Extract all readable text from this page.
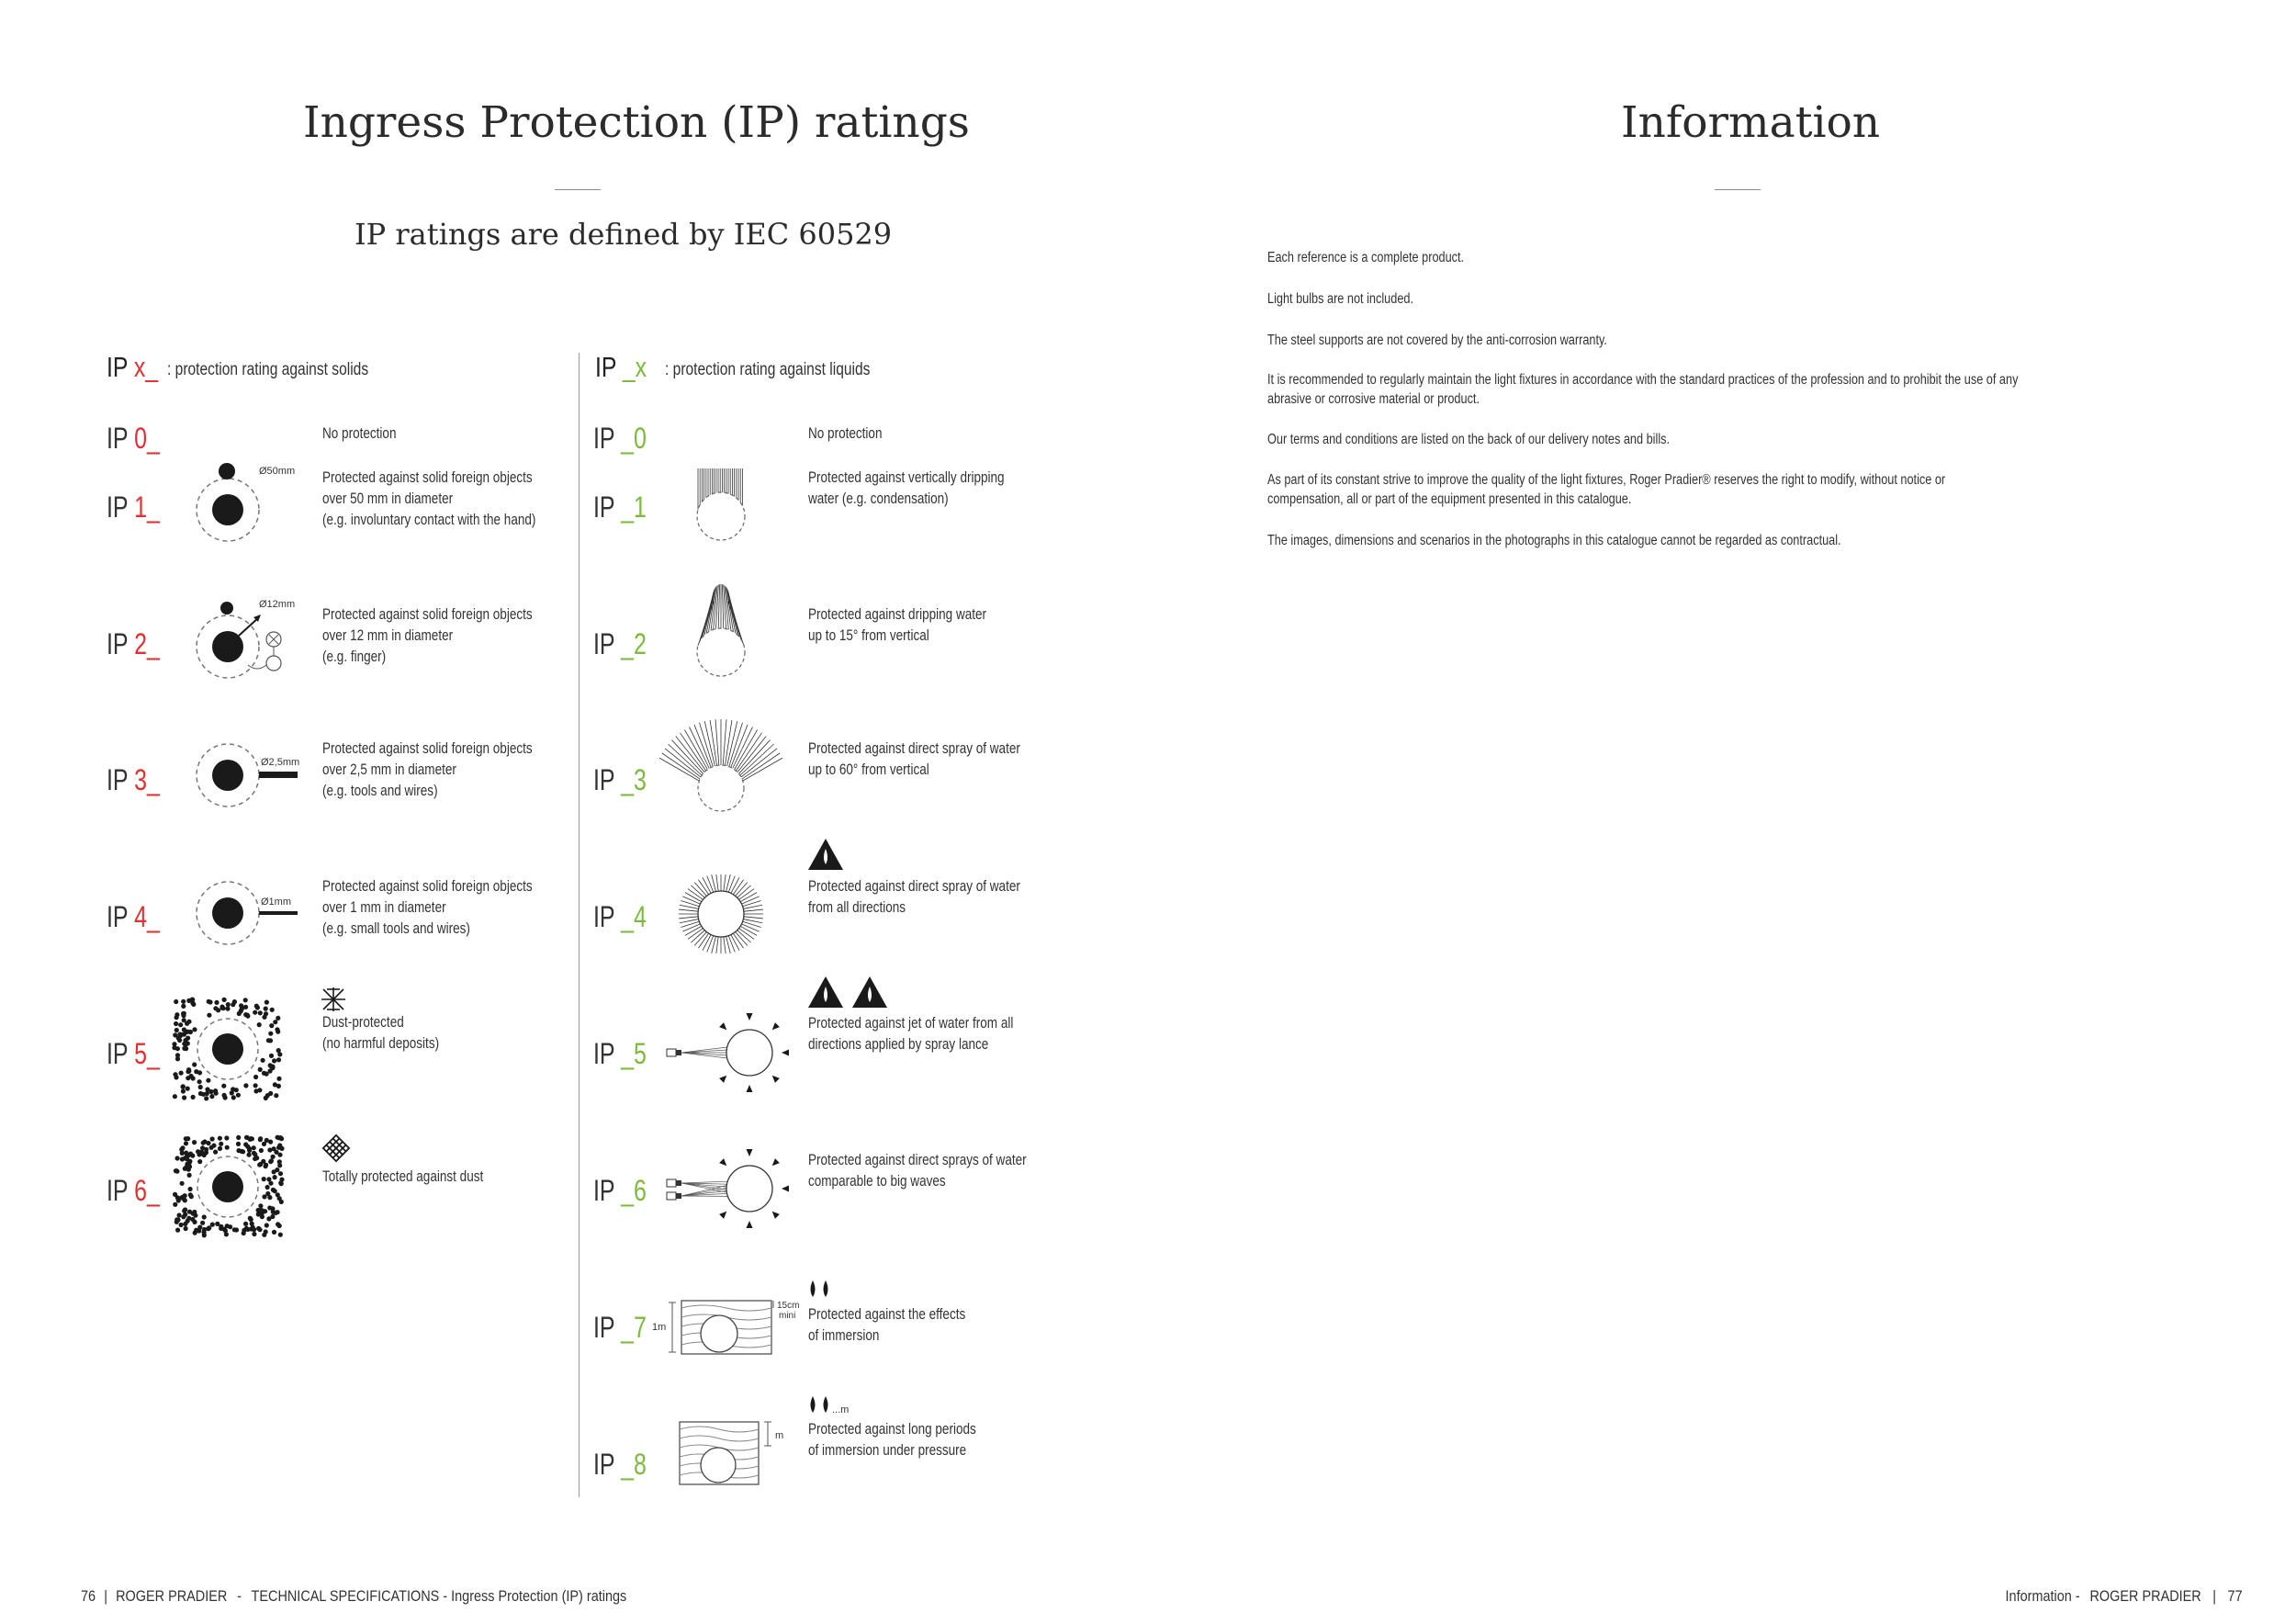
Ingress Protection (IP) ratings
IP ratings are defined by IEC 60529
IP x_ : protection rating against solids	IP _x : protection rating against liquids
IP 0_	No protection
IP 1_
Ø50mm Protected against solid foreign objects
over 50 mm in diameter
(e.g. involuntary contact with the hand)
IP 2_
Ø12mm
Protected against solid foreign objects
over 12 mm in diameter
(e.g. finger)
IP 3_
Ø2,5mm
Protected against solid foreign objects
over 2,5 mm in diameter
(e.g. tools and wires)
IP 4_	Ø1mm
Protected against solid foreign objects
over 1 mm in diameter
(e.g. small tools and wires)
IP 5_
Dust-protected
(no harmful deposits)
IP 6_	Totally protected against dust
IP _0	No protection
IP _1
Protected against vertically dripping
water (e.g. condensation)
IP _2
Protected against dripping water
up to 15° from vertical
IP _3
Protected against direct spray of water
up to 60° from vertical
IP _4
Protected against direct spray of water
from all directions
IP _5
Protected against jet of water from all
directions applied by spray lance
IP _6
Protected against direct sprays of water
comparable to big waves
IP _7 1m
15cm
mini Protected against the effects
of immersion
IP _8
m
...m
Protected against long periods
of immersion under pressure
76 | ROGER PRADIER - TECHNICAL SPECIFICATIONS - Ingress Protection (IP) ratings
Information
Each reference is a complete product.
Light bulbs are not included.
The steel supports are not covered by the anti-corrosion warranty.
It is recommended to regularly maintain the light fixtures in accordance with the standard practices of the profession and to prohibit the use of any
abrasive or corrosive material or product.
Our terms and conditions are listed on the back of our delivery notes and bills.
As part of its constant strive to improve the quality of the light fixtures, Roger Pradier® reserves the right to modify, without notice or
compensation, all or part of the equipment presented in this catalogue.
The images, dimensions and scenarios in the photographs in this catalogue cannot be regarded as contractual.
Information - ROGER PRADIER | 77
